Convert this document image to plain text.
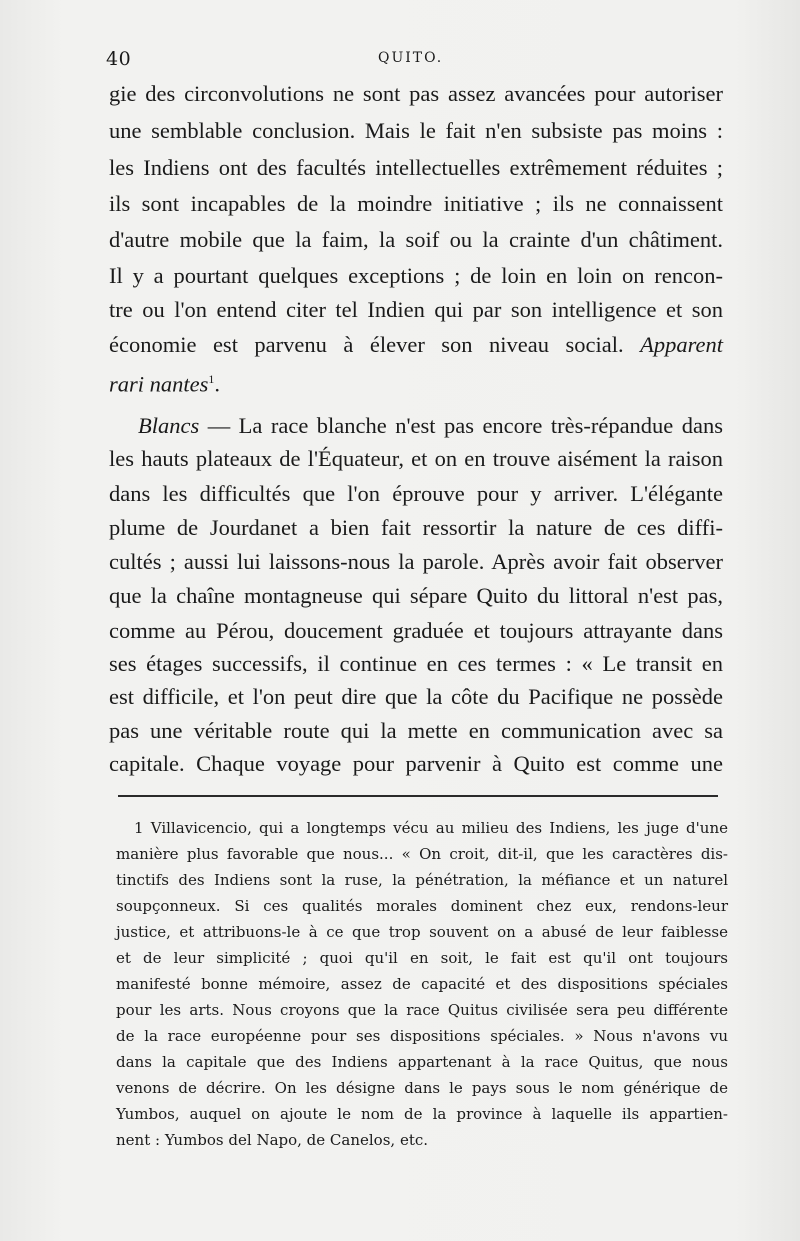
40	QUITO.
gie des circonvolutions ne sont pas assez avancées pour autoriser
une semblable conclusion. Mais le fait n'en subsiste pas moins :
les Indiens ont des facultés intellectuelles extrêmement réduites ;
ils sont incapables de la moindre initiative ; ils ne connaissent
d'autre mobile que la faim, la soif ou la crainte d'un châtiment.
Il y a pourtant quelques exceptions ; de loin en loin on rencon-
tre ou l'on entend citer tel Indien qui par son intelligence et son
économie est parvenu à élever son niveau social. Apparent
rari nantes$^1$.
Blancs — La race blanche n'est pas encore très-répandue dans
les hauts plateaux de l'Équateur, et on en trouve aisément la raison
dans les difficultés que l'on éprouve pour y arriver. L'élégante
plume de Jourdanet a bien fait ressortir la nature de ces diffi-
cultés ; aussi lui laissons-nous la parole. Après avoir fait observer
que la chaîne montagneuse qui sépare Quito du littoral n'est pas,
comme au Pérou, doucement graduée et toujours attrayante dans
ses étages successifs, il continue en ces termes : « Le transit en
est difficile, et l'on peut dire que la côte du Pacifique ne possède
pas une véritable route qui la mette en communication avec sa
capitale. Chaque voyage pour parvenir à Quito est comme une
1 Villavicencio, qui a longtemps vécu au milieu des Indiens, les juge d'une
manière plus favorable que nous... « On croit, dit-il, que les caractères dis-
tinctifs des Indiens sont la ruse, la pénétration, la méfiance et un naturel
soupçonneux. Si ces qualités morales dominent chez eux, rendons-leur
justice, et attribuons-le à ce que trop souvent on a abusé de leur faiblesse
et de leur simplicité ; quoi qu'il en soit, le fait est qu'il ont toujours
manifesté bonne mémoire, assez de capacité et des dispositions spéciales
pour les arts. Nous croyons que la race Quitus civilisée sera peu différente
de la race européenne pour ses dispositions spéciales. » Nous n'avons vu
dans la capitale que des Indiens appartenant à la race Quitus, que nous
venons de décrire. On les désigne dans le pays sous le nom générique de
Yumbos, auquel on ajoute le nom de la province à laquelle ils appartien-
nent : Yumbos del Napo, de Canelos, etc.
